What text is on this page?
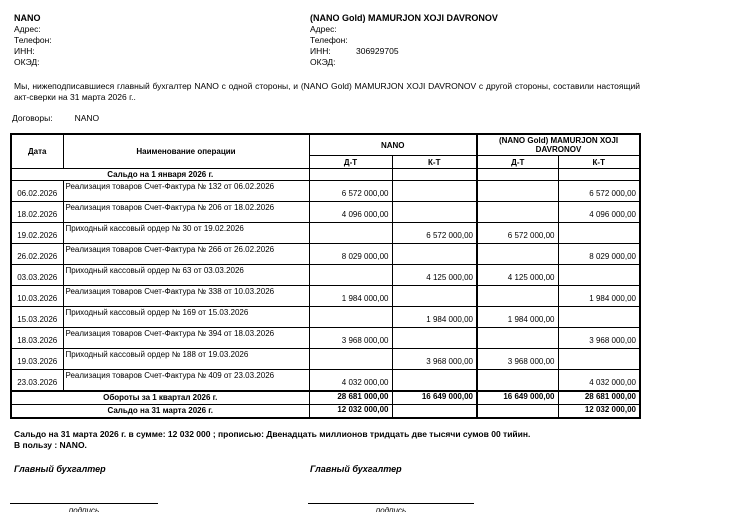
NANO
Адрес:
Телефон:
ИНН:
ОКЭД:
(NANO Gold) MAMURJON XOJI DAVRONOV
Адрес:
Телефон:
ИНН:	306929705
ОКЭД:
Мы, нижеподписавшиеся главный бухгалтер NANO с одной стороны, и (NANO Gold) MAMURJON XOJI DAVRONOV с другой стороны, составили настоящий
акт-сверки на 31 марта 2026 г..
Договоры:	NANO
Дата	Наименование операции	NANO		(NANO Gold) MAMURJON XOJI DAVRONOV	
		Д-Т	К-Т	Д-Т	К-Т
Сальдо на 1 января 2026 г.					
06.02.2026	Реализация товаров Счет-Фактура № 132 от 06.02.2026	6 572 000,00			6 572 000,00
18.02.2026	Реализация товаров Счет-Фактура № 206 от 18.02.2026	4 096 000,00			4 096 000,00
19.02.2026	Приходный кассовый ордер № 30 от 19.02.2026		6 572 000,00	6 572 000,00	
26.02.2026	Реализация товаров Счет-Фактура № 266 от 26.02.2026	8 029 000,00			8 029 000,00
03.03.2026	Приходный кассовый ордер № 63 от 03.03.2026		4 125 000,00	4 125 000,00	
10.03.2026	Реализация товаров Счет-Фактура № 338 от 10.03.2026	1 984 000,00			1 984 000,00
15.03.2026	Приходный кассовый ордер № 169 от 15.03.2026		1 984 000,00	1 984 000,00	
18.03.2026	Реализация товаров Счет-Фактура № 394 от 18.03.2026	3 968 000,00			3 968 000,00
19.03.2026	Приходный кассовый ордер № 188 от 19.03.2026		3 968 000,00	3 968 000,00	
23.03.2026	Реализация товаров Счет-Фактура № 409 от 23.03.2026	4 032 000,00			4 032 000,00
Обороты за 1 квартал 2026 г.		28 681 000,00	16 649 000,00	16 649 000,00	28 681 000,00
Сальдо на 31 марта 2026 г.		12 032 000,00			12 032 000,00
Сальдо на 31 марта 2026 г. в сумме: 12 032 000 ; прописью: Двенадцать миллионов тридцать две тысячи сумов 00 тийин.
В пользу : NANO.
Главный бухгалтер	Главный бухгалтер
подпись	подпись
